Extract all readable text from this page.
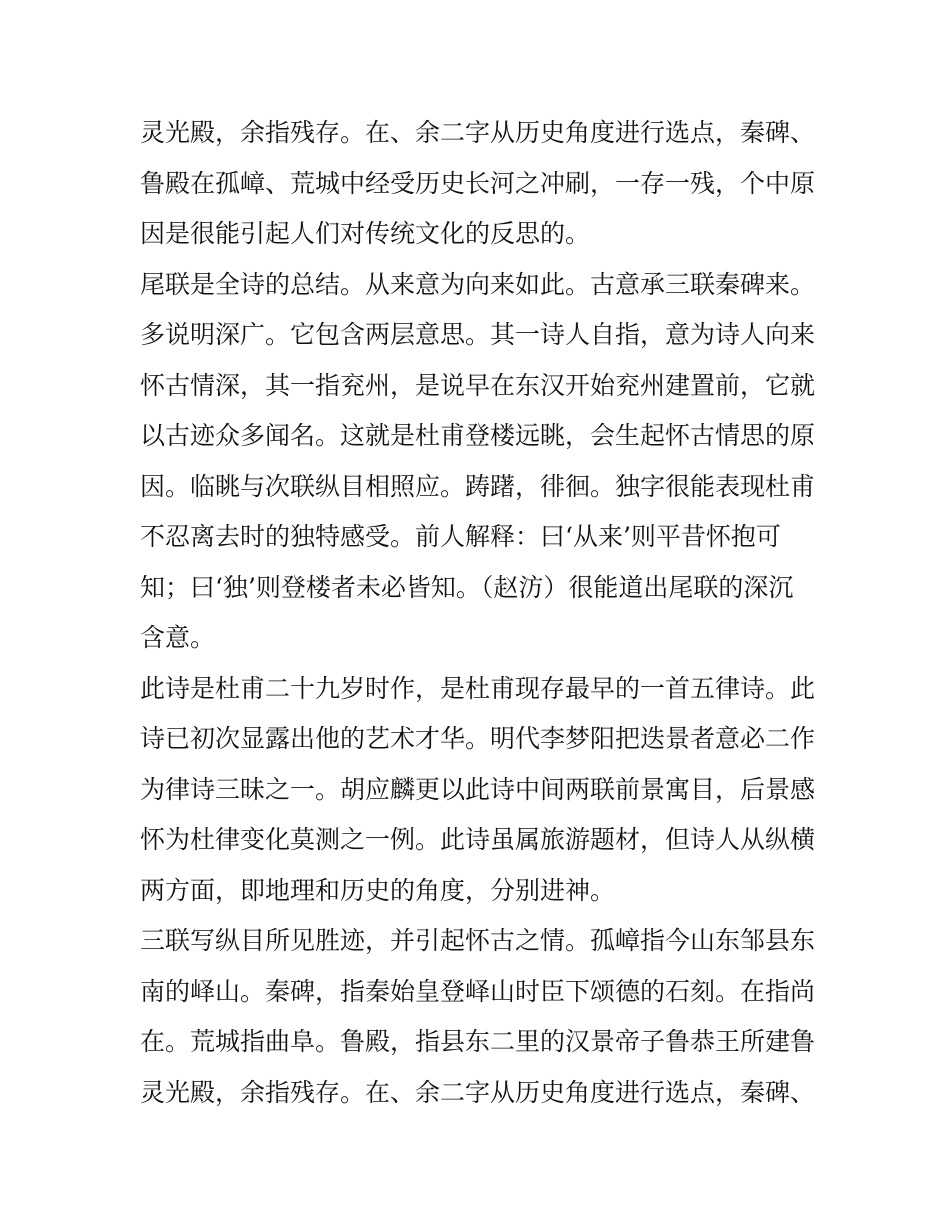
灵光殿，余指残存。在、余二字从历史角度进行选点，秦碑、
鲁殿在孤嶂、荒城中经受历史长河之冲刷，一存一残，个中原
因是很能引起人们对传统文化的反思的。
尾联是全诗的总结。从来意为向来如此。古意承三联秦碑来。
多说明深广。它包含两层意思。其一诗人自指，意为诗人向来
怀古情深，其一指兖州，是说早在东汉开始兖州建置前，它就
以古迹众多闻名。这就是杜甫登楼远眺，会生起怀古情思的原
因。临眺与次联纵目相照应。踌躇，徘徊。独字很能表现杜甫
不忍离去时的独特感受。前人解释：曰‘从来’则平昔怀抱可
知；曰‘独’则登楼者未必皆知。（赵汸）很能道出尾联的深沉
含意。
此诗是杜甫二十九岁时作，是杜甫现存最早的一首五律诗。此
诗已初次显露出他的艺术才华。明代李梦阳把迭景者意必二作
为律诗三昧之一。胡应麟更以此诗中间两联前景寓目，后景感
怀为杜律变化莫测之一例。此诗虽属旅游题材，但诗人从纵横
两方面，即地理和历史的角度，分别进神。
三联写纵目所见胜迹，并引起怀古之情。孤嶂指今山东邹县东
南的峄山。秦碑，指秦始皇登峄山时臣下颂德的石刻。在指尚
在。荒城指曲阜。鲁殿，指县东二里的汉景帝子鲁恭王所建鲁
灵光殿，余指残存。在、余二字从历史角度进行选点，秦碑、
